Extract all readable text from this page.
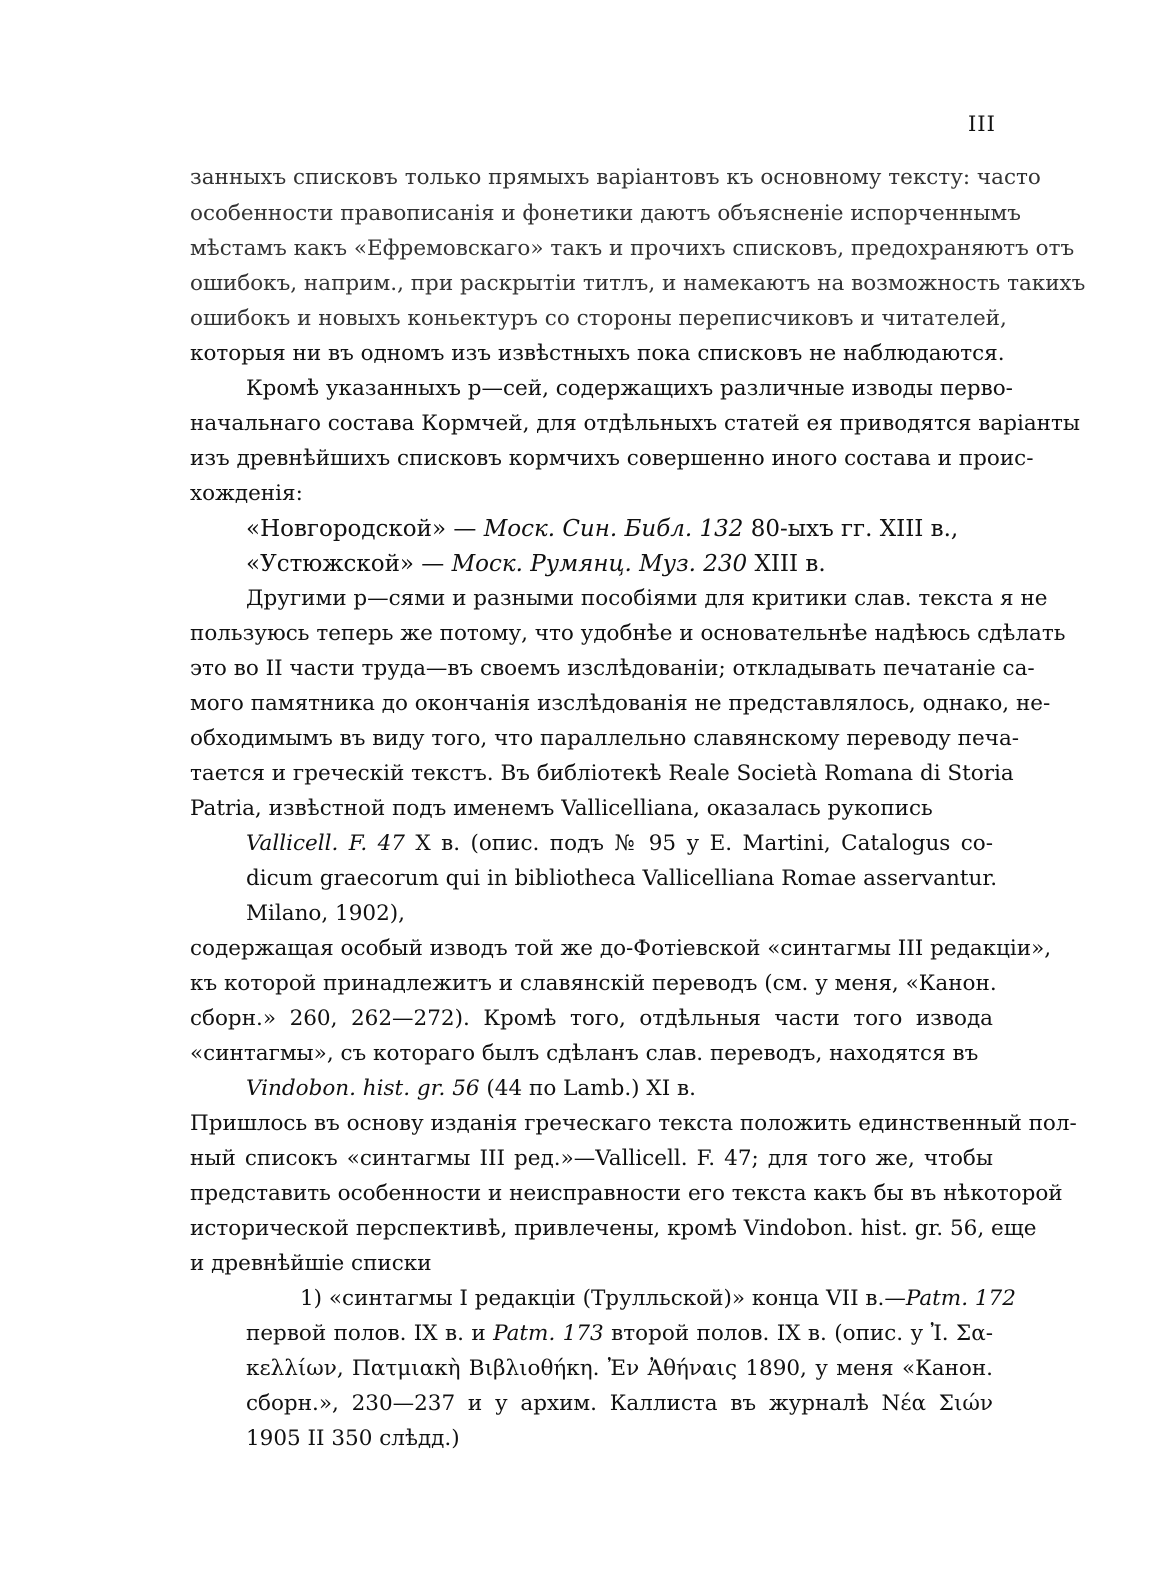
III
занныхъ списковъ только прямыхъ варіантовъ къ основному тексту: часто
особенности правописанія и фонетики даютъ объясненіе испорченнымъ
мѣстамъ какъ «Ефремовскаго» такъ и прочихъ списковъ, предохраняютъ отъ
ошибокъ, наприм., при раскрытіи титлъ, и намекаютъ на возможность такихъ
ошибокъ и новыхъ коньектуръ со стороны переписчиковъ и читателей,
которыя ни въ одномъ изъ извѣстныхъ пока списковъ не наблюдаются.
Кромѣ указанныхъ р—сей, содержащихъ различные изводы перво-
начальнаго состава Кормчей, для отдѣльныхъ статей ея приводятся варіанты
изъ древнѣйшихъ списковъ кормчихъ совершенно иного состава и проис-
хожденія:
«Новгородской» — Моск. Син. Библ. 132 80-ыхъ гг. XIII в.,
«Устюжской» — Моск. Румянц. Муз. 230 XIII в.
Другими р—сями и разными пособіями для критики слав. текста я не
пользуюсь теперь же потому, что удобнѣе и основательнѣе надѣюсь сдѣлать
это во II части труда—въ своемъ изслѣдованіи; откладывать печатаніе са-
мого памятника до окончанія изслѣдованія не представлялось, однако, не-
обходимымъ въ виду того, что параллельно славянскому переводу печа-
тается и греческій текстъ. Въ библіотекѣ Reale Società Romana di Storia
Patria, извѣстной подъ именемъ Vallicelliana, оказалась рукопись
Vallicell. F. 47 X в. (опис. подъ № 95 у E. Martini, Catalogus co-
dicum graecorum qui in bibliotheca Vallicelliana Romae asservantur.
Milano, 1902),
содержащая особый изводъ той же до-Фотіевской «синтагмы III редакціи»,
къ которой принадлежитъ и славянскій переводъ (см. у меня, «Канон.
сборн.» 260, 262—272). Кромѣ того, отдѣльныя части того извода
«синтагмы», съ котораго былъ сдѣланъ слав. переводъ, находятся въ
Vindobon. hist. gr. 56 (44 по Lamb.) XI в.
Пришлось въ основу изданія греческаго текста положить единственный пол-
ный списокъ «синтагмы III ред.»—Vallicell. F. 47; для того же, чтобы
представить особенности и неисправности его текста какъ бы въ нѣкоторой
исторической перспективѣ, привлечены, кромѣ Vindobon. hist. gr. 56, еще
и древнѣйшіе списки
1) «синтагмы I редакціи (Трулльской)» конца VII в.—Patm. 172
первой полов. IX в. и Patm. 173 второй полов. IX в. (опис. у Ἰ. Σα-
κελλίων, Πατμιακὴ Βιβλιοθήκη. Ἐν Ἀθήναις 1890, у меня «Канон.
сборн.», 230—237 и у архим. Каллиста въ журналѣ Νέα Σιών
1905 II 350 слѣдд.)
